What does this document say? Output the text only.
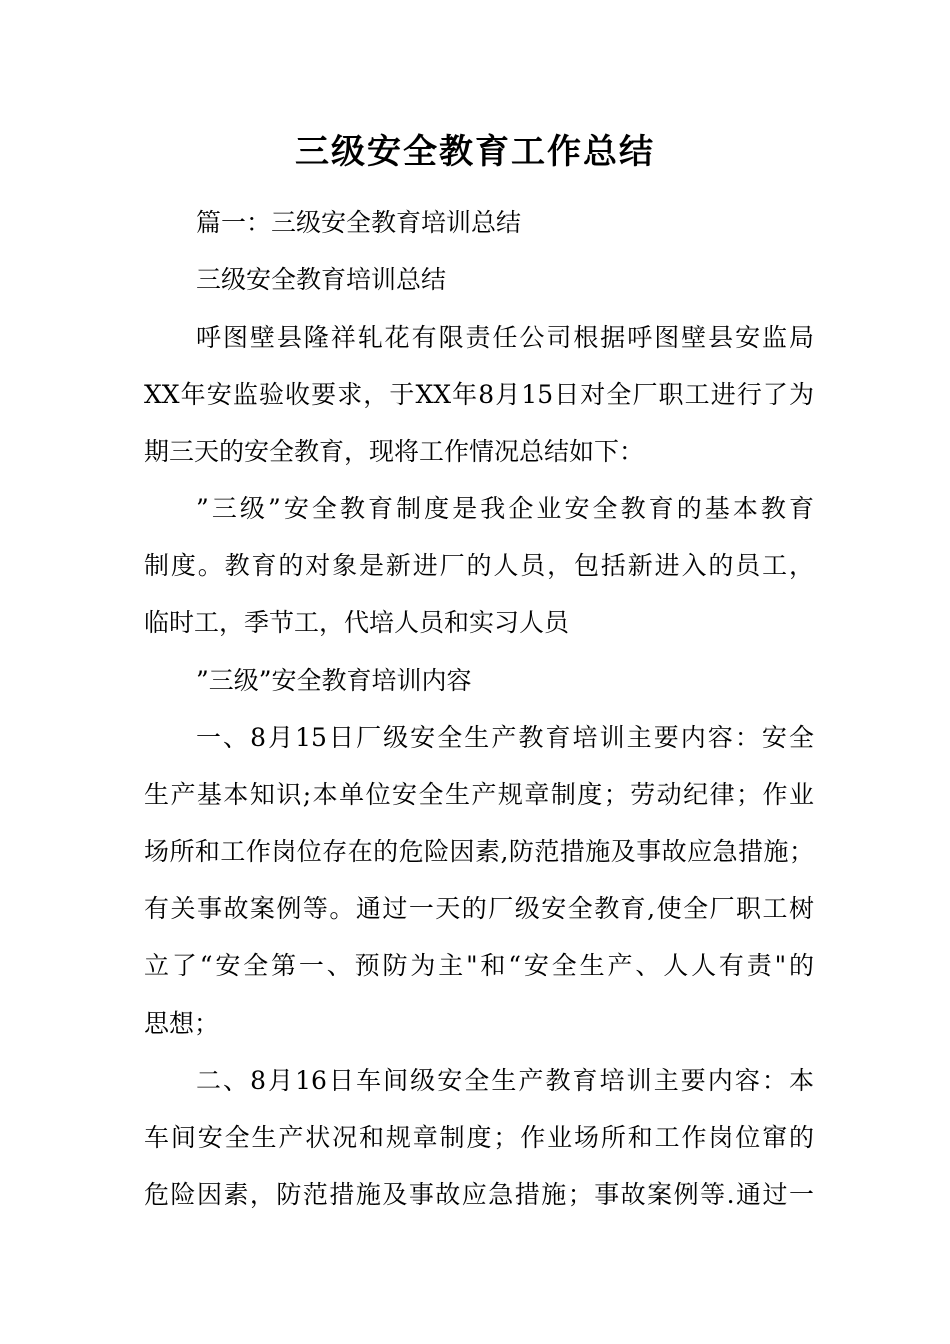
三级安全教育工作总结
篇一：三级安全教育培训总结
三级安全教育培训总结
呼图壁县隆祥轧花有限责任公司根据呼图壁县安监局
XX年安监验收要求，于XX年8月15日对全厂职工进行了为
期三天的安全教育，现将工作情况总结如下：
”三级”安全教育制度是我企业安全教育的基本教育
制度。教育的对象是新进厂的人员，包括新进入的员工，
临时工，季节工，代培人员和实习人员
”三级”安全教育培训内容
一、8月15日厂级安全生产教育培训主要内容：安全
生产基本知识;本单位安全生产规章制度；劳动纪律；作业
场所和工作岗位存在的危险因素,防范措施及事故应急措施；
有关事故案例等。通过一天的厂级安全教育,使全厂职工树
立了“安全第一、预防为主"和“安全生产、人人有责"的
思想；
二、8月16日车间级安全生产教育培训主要内容：本
车间安全生产状况和规章制度；作业场所和工作岗位窜的
危险因素，防范措施及事故应急措施；事故案例等.通过一
